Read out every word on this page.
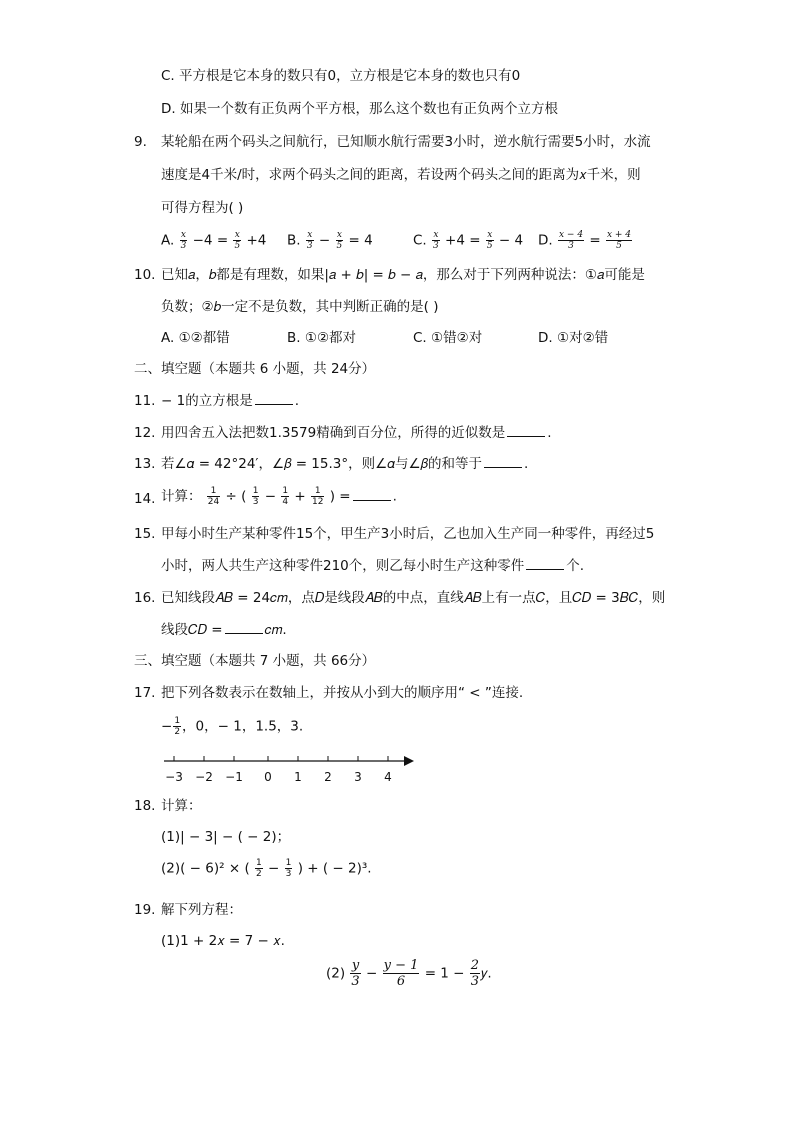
C. 平方根是它本身的数只有0，立方根是它本身的数也只有0
D. 如果一个数有正负两个平方根，那么这个数也有正负两个立方根
9. 某轮船在两个码头之间航行，已知顺水航行需要3小时，逆水航行需要5小时，水流
速度是4千米/时，求两个码头之间的距离，若设两个码头之间的距离为𝑥千米，则
可得方程为( )
A. $\frac{\text{𝑥}}{3} -4 = \frac{\text{𝑥}}{5} +4$ B. $\frac{\text{𝑥}}{3} - \frac{\text{𝑥}}{5} = 4$	C. $\frac{\text{𝑥}}{3} +4 = \frac{\text{𝑥}}{5} - 4$ D. $\frac{\text{𝑥 − 4}}{3} = \frac{\text{𝑥 + 4}}{5}$
10. 已知𝑎，𝑏都是有理数，如果|𝑎 + 𝑏| = 𝑏 − 𝑎，那么对于下列两种说法：①𝑎可能是
负数；②𝑏一定不是负数，其中判断正确的是( )
A. ①②都错	B. ①②都对	C. ①错②对	D. ①对②错
二、填空题（本题共 6 小题，共 24分）
11. − 1的立方根是	.
12. 用四舍五入法把数1.3579精确到百分位，所得的近似数是	.
13. 若∠𝛼 = 42°24′，∠𝛽 = 15.3°，则∠𝛼与∠𝛽的和等于	.
14. 计算： $\frac{1}{24}$ ÷ ( $\frac{1}{3} - \frac{1}{4} + \frac{1}{12}$ ) =	.
15. 甲每小时生产某种零件15个，甲生产3小时后，乙也加入生产同一种零件，再经过5
小时，两人共生产这种零件210个，则乙每小时生产这种零件	个.
16. 已知线段𝐴𝐵 = 24𝑐𝑚，点𝐷是线段𝐴𝐵的中点，直线𝐴𝐵上有一点𝐶，且𝐶𝐷 = 3𝐵𝐶，则
线段𝐶𝐷 =	𝑐𝑚.
三、填空题（本题共 7 小题，共 66分）
17. 把下列各数表示在数轴上，并按从小到大的顺序用“ < ”连接.
− $\frac{1}{2}$ ，0，− 1，1.5，3.
−3 −2 −1 0 1 2 3 4
18. 计算：
(1)| − 3| − ( − 2)；
(2)( − 6)² × ( $\frac{1}{2} - \frac{1}{3}$ ) + ( − 2)³.
19. 解下列方程：
(1)1 + 2𝑥 = 7 − 𝑥.
$(2) \frac{\text{𝑦}}{3} - \frac{\text{𝑦 − 1}}{6} = 1 - \frac{2}{3}$ 𝑦.
